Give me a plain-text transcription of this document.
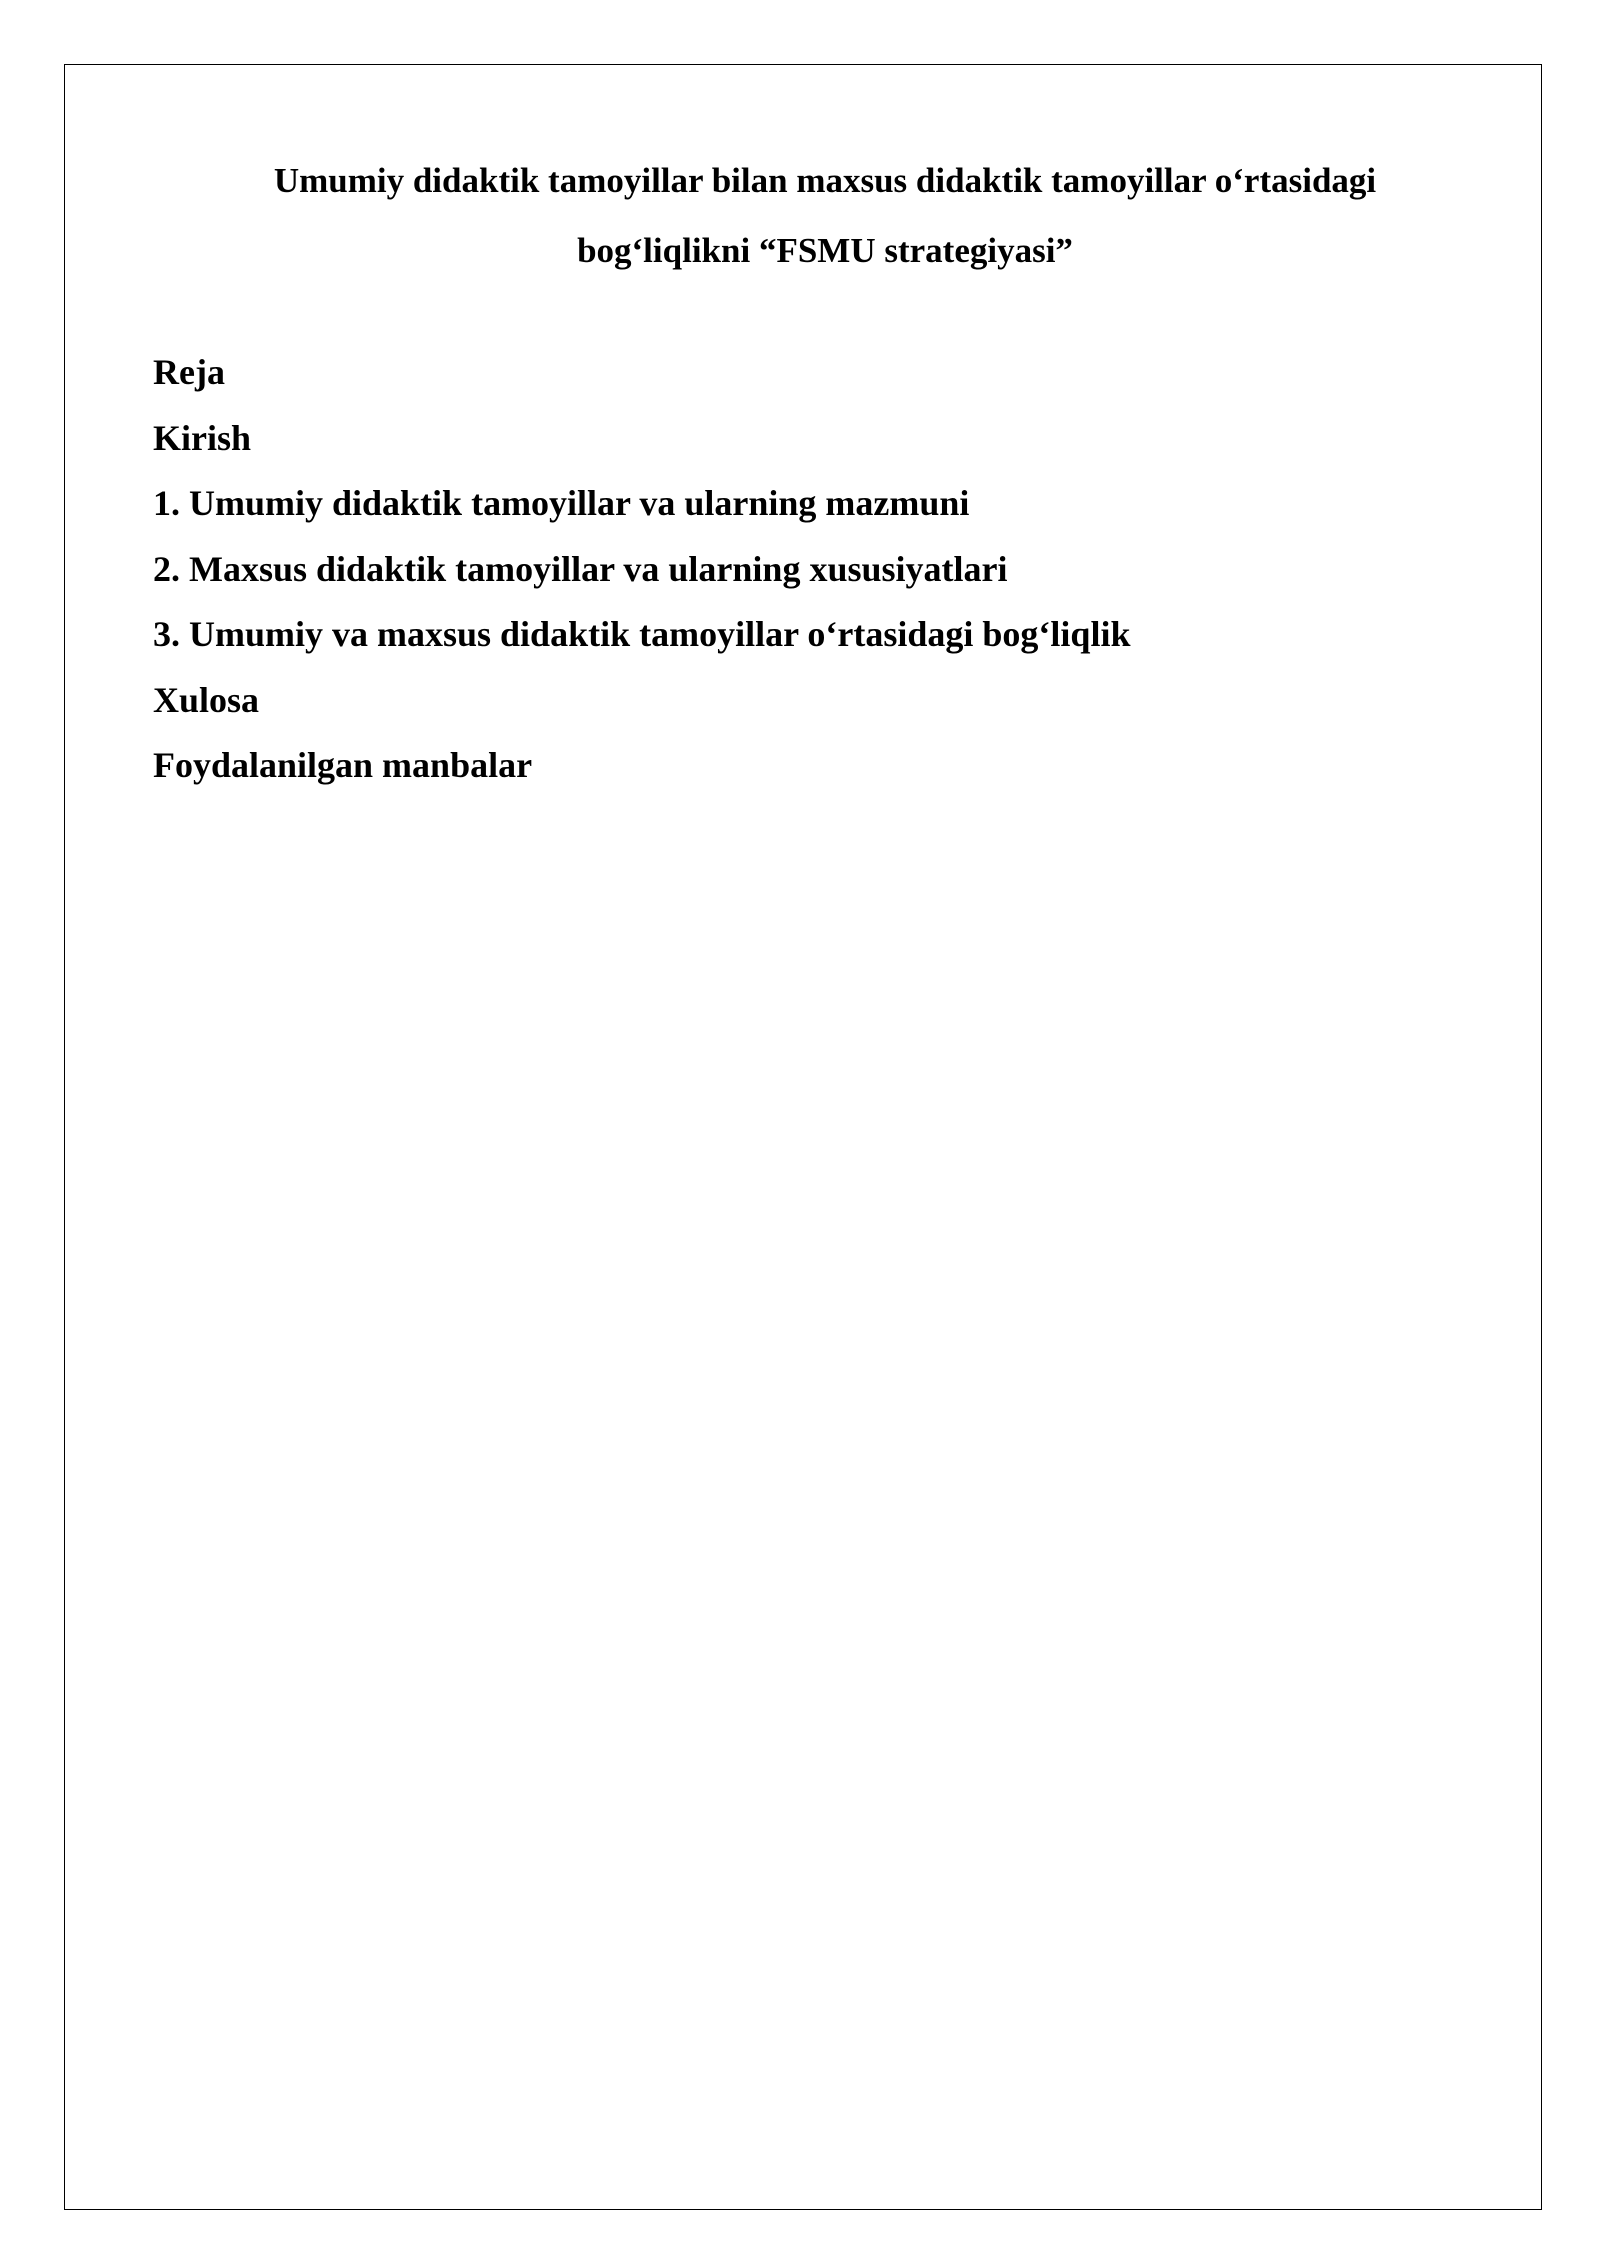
Umumiy didaktik tamoyillar bilan maxsus didaktik tamoyillar o‘rtasidagi
bog‘liqlikni “FSMU strategiyasi”
Reja
Kirish
1. Umumiy didaktik tamoyillar va ularning mazmuni
2. Maxsus didaktik tamoyillar va ularning xususiyatlari
3. Umumiy va maxsus didaktik tamoyillar o‘rtasidagi bog‘liqlik
Xulosa
Foydalanilgan manbalar
